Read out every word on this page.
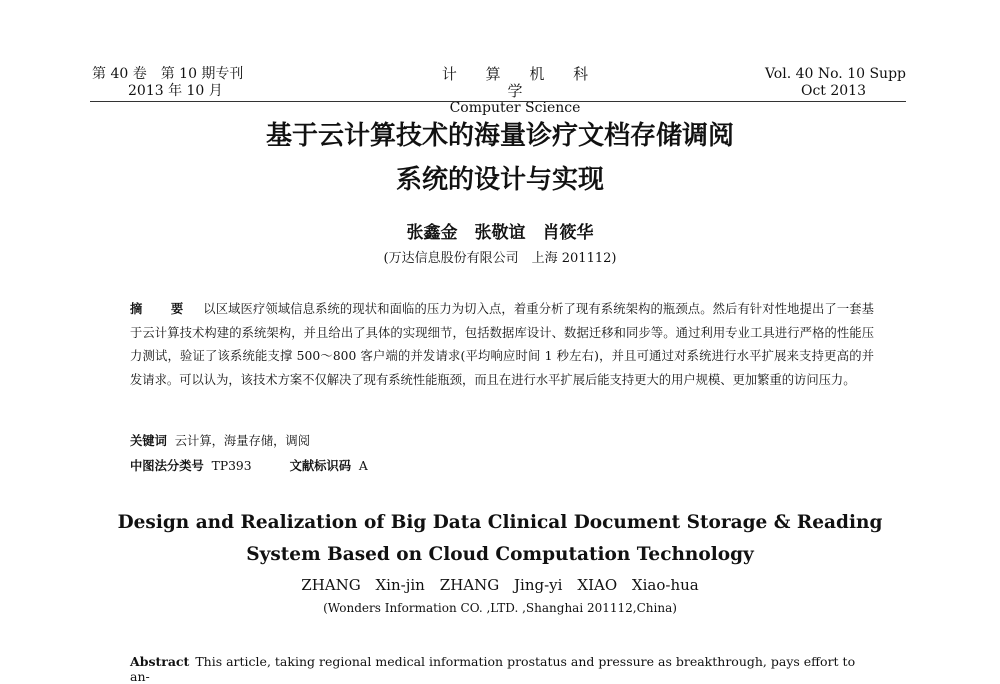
第 40 卷　第 10 期专刊
2013 年 10 月
计 算 机 科 学
Computer Science
Vol. 40 No. 10 Supp
Oct 2013
基于云计算技术的海量诊疗文档存储调阅
系统的设计与实现
张鑫金　张敬谊　肖筱华
(万达信息股份有限公司　上海 201112)
摘　要 以区域医疗领域信息系统的现状和面临的压力为切入点，着重分析了现有系统架构的瓶颈点。然后有针对性地提出了一套基于云计算技术构建的系统架构，并且给出了具体的实现细节，包括数据库设计、数据迁移和同步等。通过利用专业工具进行严格的性能压力测试，验证了该系统能支撑 500～800 客户端的并发请求(平均响应时间 1 秒左右)，并且可通过对系统进行水平扩展来支持更高的并发请求。可以认为，该技术方案不仅解决了现有系统性能瓶颈，而且在进行水平扩展后能支持更大的用户规模、更加繁重的访问压力。
关键词 云计算，海量存储，调阅
中图法分类号 TP393	文献标识码 A
Design and Realization of Big Data Clinical Document Storage & Reading
System Based on Cloud Computation Technology
ZHANG Xin-jin　ZHANG Jing-yi　XIAO Xiao-hua
(Wonders Information CO. ,LTD. ,Shanghai 201112,China)
Abstract This article, taking regional medical information prostatus and pressure as breakthrough, pays effort to an-
